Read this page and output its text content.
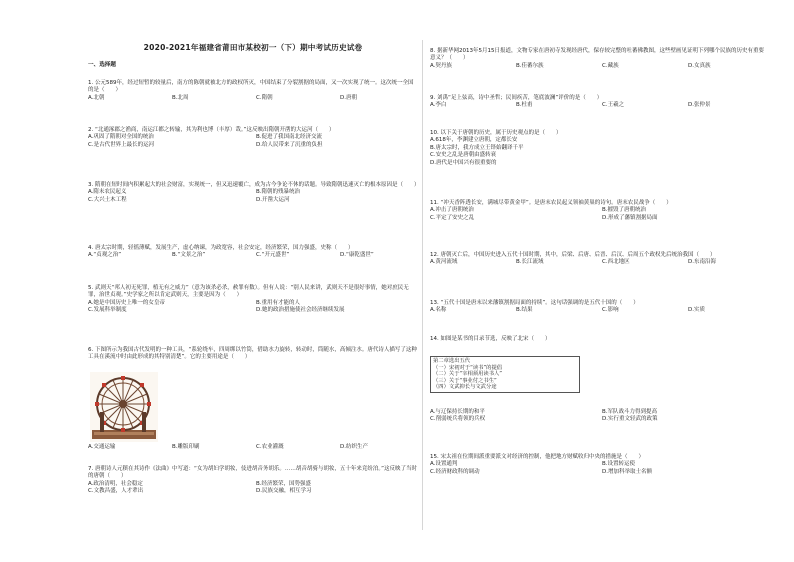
2020-2021年福建省莆田市某校初一（下）期中考试历史试卷
一、选择题
1. 公元589年，经过短暂的较量后，南方的陈朝就被北方的政权所灭，中国结束了分裂割据的局面，又一次实现了统一。这次统一全国的是（　　）
A.北朝	B.北周	C.隋朝	D.唐朝
2. “北通涿郡之渔商，南运江都之转输，其为利也博（丰厚）哉。”这反映出隋朝开凿的大运河（　　）
A.巩固了隋朝对全国的统治	B.促进了我国南北经济交流
C.是古代世界上最长的运河	D.给人民带来了沉重的负担
3. 隋朝在短时间内积累起大的社会财富，实现统一，但又迅速覆亡，成为古今争论不休的话题。导致隋朝迅速灭亡的根本原因是（　　）
A.隋末农民起义	B.隋朝的残暴统治
C.大兴土木工程	D.开凿大运河
4. 唐太宗时期，轻徭薄赋，发展生产，虚心纳谏，为政宽容，社会安定，经济繁荣，国力强盛，史称（　　）
A.“贞观之治”	B.“文景之治”	C.“开元盛世”	D.“康乾盛世”
5. 武则天“邦人初无死罪，植无有之威力”（意为该杀必杀，赦罪有数）。但有人说：“别人民来讲，武则天不是很好事情，她对庶民无罪，治世贞观。”史学家之所以肯定武则天，主要是因为（　　）
A.她是中国历史上唯一的女皇帝	B.重用有才能的人
C.发展科举制度	D.她的政治措施使社会经济继续发展
6. 下图所示为我国古代发明的一种工具，“系轮绕车，四周绑以竹筒，借助水力旋转，转动时，筒随水，高倾注水。唐代诗人描写了这种工具在溪流中时由此形成的其特别清楚”。它的主要用途是（　　）
A.交通运输	B.雕版印刷	C.农业灌溉	D.纺织生产
7. 唐朝诗人元稹在其诗作《法曲》中写道：“女为胡妇学胡妆，伎进胡音务胡乐。……胡音胡骑与胡妆，五十年来竞纷泊。”这反映了当时的唐朝（　　）
A.政治清明，社会稳定	B.经济繁荣，国势强盛
C.文教昌盛，人才辈出	D.民族交融，相互学习
8. 据新华网2013年5月15日报道，文物专家在唐初寺发现经唐代，保存较完整的吐蕃佛教图，这些壁画见证明下列哪个民族的历史有重要意义？（　　）
A.契丹族	B.佳蕃尔族	C.藏族	D.女真族
9. 刘禹“足上弦高，诗中圣哲；民间疾苦，笔底波澜”评价的是（　　）
A.李白	B.杜甫	C.王羲之	D.张仲景
10. 以下关于唐朝的历史，属于历史观点的是（　　）
A.618年，李渊建立唐朝，定都长安
B.唐太宗时，我方成立王铎始翻译千平
C.安史之乱是唐朝由盛转衰
D.唐代是中国兴有很重要的
11. “冲天香阵透长安，满城尽带黄金甲”。是唐末农民起义领袖黄巢的诗句。唐末农民战争（　　）
A.冲击了唐朝统治	B.摧毁了唐朝统治
C.平定了安史之乱	D.形成了藩镇割据局面
12. 唐朝灭亡后，中国历史进入五代十国时期，其中，后梁、后唐、后晋、后汉、后周五个政权先后统治我国（　　）
A.黄河流域	B.长江流域	C.西北地区	D.东南沿海
13. “五代十国是唐末以来藩镇割据局面的持续”。这句话强调的是五代十国的（　　）
A.名称	B.结果	C.影响	D.实质
14. 如图是某书的目录节选，反映了北宋（　　）
第二章选出五代
（一）宋初对于“读书”的提倡
（二）关于“宰相须用读书人”
（三）关于“事业付之书生”
（四）文武抑长与文武分途
A.与辽保持长期的和平	B.军队战斗力得到提高
C.削弱统兵将领的兵权	D.实行重文轻武的政策
15. 宋太祖在位期间派重要派文对经济的控制，他把地方财赋收归中央的措施是（　　）
A.设置通判	B.设置转运使
C.经济财政科的调动	D.增加科举取士名额
